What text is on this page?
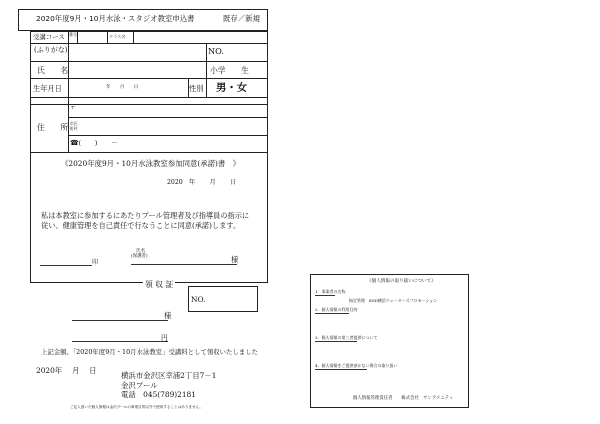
2020年度9月・10月水泳・スタジオ教室申込書	既存／新規
受講コース 番号	クラス名
(ふりがな)	NO.
氏　　名	小学　　生
生年月日	年　　月　　日	性別 男・女
住　　所
〒
市区
町村
☎(　　)　　－
《2020年度9月・10月水泳教室参加同意(承諾)書　》
2020　年　　 月　　 日
私は本教室に参加するにあたりプール管理者及び指導員の指示に従い、健康管理を自己責任で行なうことに同意(承諾)します。
氏名
(保護者)
印	様
領 収 証
NO.
様
円
上記金額、「2020年度9月・10月水泳教室」受講料として領収いたしました
2020年　 月　 日
横浜市金沢区幸浦2丁目7－1
金沢プール
電話　045(789)2181
ご記入頂いた個人情報は金沢プールの事業目的以外で使用することはありません。
《個人情報の取り扱いについて》
1．事業者の名称
指定管理　KSD横浜ウォーターズプロモーション
2．個人情報の利用目的
3．個人情報の第三者提供について
4．個人情報をご提供頂かない場合の取り扱い
個人情報管理責任者　　株式会社　サンアメニティ
